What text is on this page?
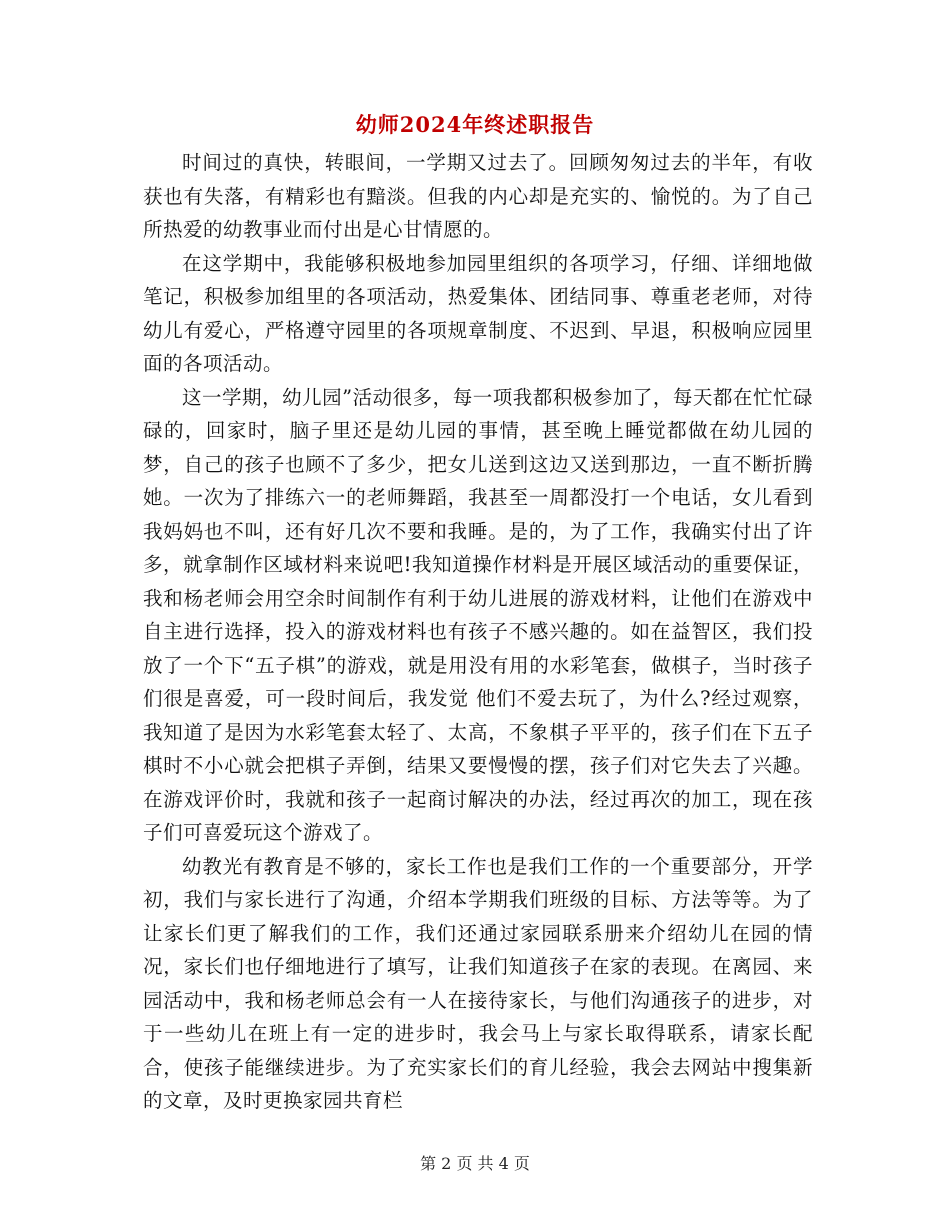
幼师2024年终述职报告

时间过的真快，转眼间，一学期又过去了。回顾匆匆过去的半年，有收获也有失落，有精彩也有黯淡。但我的内心却是充实的、愉悦的。为了自己所热爱的幼教事业而付出是心甘情愿的。

在这学期中，我能够积极地参加园里组织的各项学习，仔细、详细地做笔记，积极参加组里的各项活动，热爱集体、团结同事、尊重老老师，对待幼儿有爱心，严格遵守园里的各项规章制度、不迟到、早退，积极响应园里面的各项活动。

这一学期，幼儿园”活动很多，每一项我都积极参加了，每天都在忙忙碌碌的，回家时，脑子里还是幼儿园的事情，甚至晚上睡觉都做在幼儿园的梦，自己的孩子也顾不了多少，把女儿送到这边又送到那边，一直不断折腾她。一次为了排练六一的老师舞蹈，我甚至一周都没打一个电话，女儿看到我妈妈也不叫，还有好几次不要和我睡。是的，为了工作，我确实付出了许多，就拿制作区域材料来说吧!我知道操作材料是开展区域活动的重要保证，我和杨老师会用空余时间制作有利于幼儿进展的游戏材料，让他们在游戏中自主进行选择，投入的游戏材料也有孩子不感兴趣的。如在益智区，我们投放了一个下“五子棋”的游戏，就是用没有用的水彩笔套，做棋子，当时孩子们很是喜爱，可一段时间后，我发觉 他们不爱去玩了，为什么?经过观察，我知道了是因为水彩笔套太轻了、太高，不象棋子平平的，孩子们在下五子棋时不小心就会把棋子弄倒，结果又要慢慢的摆，孩子们对它失去了兴趣。在游戏评价时，我就和孩子一起商讨解决的办法，经过再次的加工，现在孩子们可喜爱玩这个游戏了。

幼教光有教育是不够的，家长工作也是我们工作的一个重要部分，开学初，我们与家长进行了沟通，介绍本学期我们班级的目标、方法等等。为了让家长们更了解我们的工作，我们还通过家园联系册来介绍幼儿在园的情况，家长们也仔细地进行了填写，让我们知道孩子在家的表现。在离园、来园活动中，我和杨老师总会有一人在接待家长，与他们沟通孩子的进步，对于一些幼儿在班上有一定的进步时，我会马上与家长取得联系，请家长配合，使孩子能继续进步。为了充实家长们的育儿经验，我会去网站中搜集新的文章，及时更换家园共育栏

第 2 页 共 4 页
